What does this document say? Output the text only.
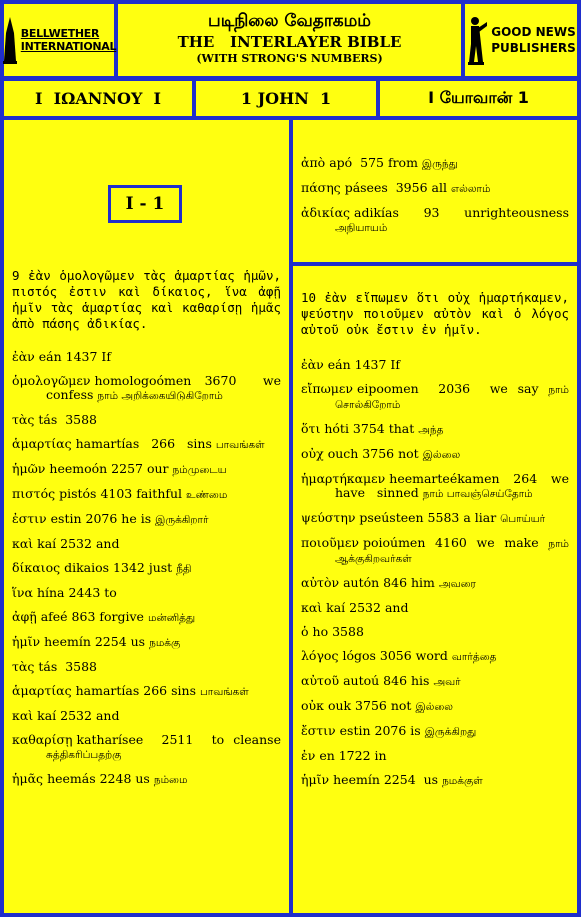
BELLWETHER
INTERNATIONAL
படிநிலை வேதாகமம்
THE   INTERLAYER BIBLE
(WITH STRONG'S NUMBERS)
GOOD NEWS
PUBLISHERS
I  ΙΩΑΝΝΟΥ  I	1 JOHN  1	I யோவான் 1
I - 1
9 ἐὰν ὁμολογῶμεν τὰς ἁμαρτίας ἡμῶν, πιστός ἐστιν καὶ δίκαιος, ἵνα ἀφῇ ἡμῖν τὰς ἁμαρτίας καὶ καθαρίσῃ ἡμᾶς ἀπὸ πάσης ἀδικίας.
ἐὰν eán 1437 If
ὁμολογῶμεν homologoómen 3670  we confess நாம் அறிக்கையிடுகிறோம்
τὰς tás  3588
ἁμαρτίας hamartías   266   sins பாவங்கள்
ἡμῶν heemoón 2257 our நம்முடைய
πιστός pistós 4103 faithful உண்மை
ἐστιν estin 2076 he is இருக்கிறார்
καὶ kaí 2532 and
δίκαιος dikaios 1342 just நீதி
ἵνα hína 2443 to
ἀφῇ afeé 863 forgive மன்னித்து
ἡμῖν heemín 2254 us நமக்கு
τὰς tás  3588
ἁμαρτίας hamartías 266 sins பாவங்கள்
καὶ kaí 2532 and
καθαρίσῃ katharísee  2511  to cleanse சுத்திகரிப்பதற்கு
ἡμᾶς heemás 2248 us நம்மை
ἀπὸ apó  575 from இருந்து
πάσης pásees  3956 all எல்லாம்
ἀδικίας adikías  93  unrighteousness அநியாயம்
10 ἐὰν εἴπωμεν ὅτι οὐχ ἡμαρτήκαμεν, ψεύστην ποιοῦμεν αὐτὸν καὶ ὁ λόγος αὐτοῦ οὐκ ἔστιν ἐν ἡμῖν.
ἐὰν eán 1437 If
εἴπωμεν eipoomen  2036  we say நாம் சொல்கிறோம்
ὅτι hóti 3754 that அந்த
οὐχ ouch 3756 not இல்லை
ἡμαρτήκαμεν heemarteékamen   264   we   have   sinned நாம் பாவஞ்செய்தோம்
ψεύστην pseústeen 5583 a liar பொய்யர்
ποιοῦμεν poioúmen 4160 we make நாம் ஆக்குகிறவர்கள்
αὐτὸν autón 846 him அவரை
καὶ kaí 2532 and
ὁ ho 3588
λόγος lógos 3056 word வார்த்தை
αὐτοῦ autoú 846 his அவர்
οὐκ ouk 3756 not இல்லை
ἔστιν estin 2076 is இருக்கிறது
ἐν en 1722 in
ἡμῖν heemín 2254  us நமக்குள்
